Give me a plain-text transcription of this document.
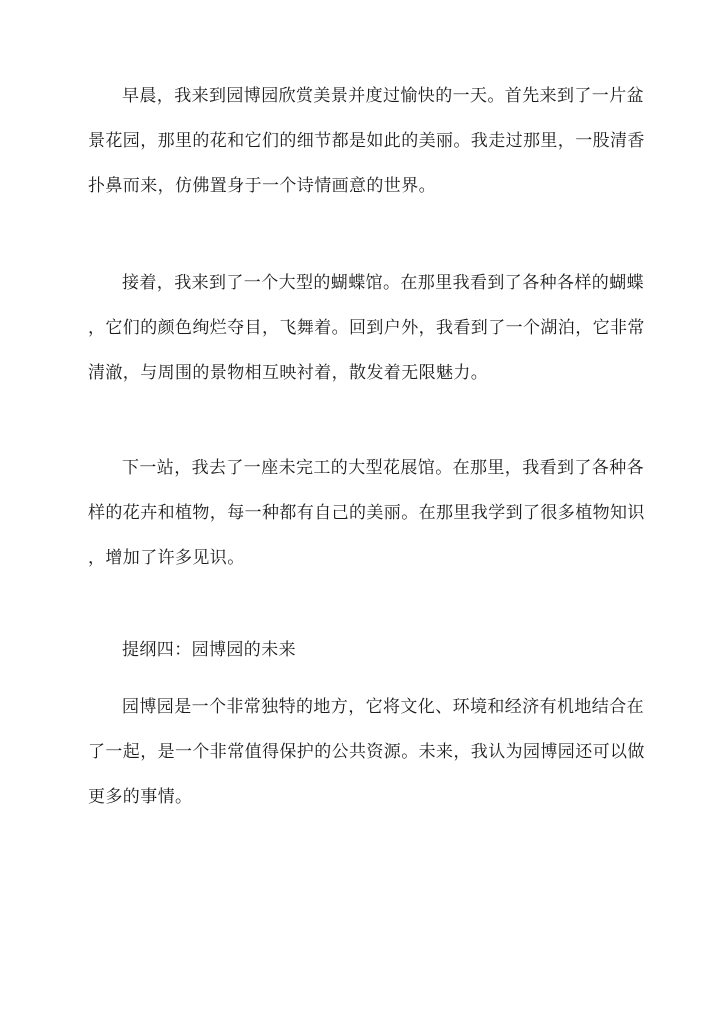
早晨，我来到园博园欣赏美景并度过愉快的一天。首先来到了一片盆
景花园，那里的花和它们的细节都是如此的美丽。我走过那里，一股清香
扑鼻而来，仿佛置身于一个诗情画意的世界。

接着，我来到了一个大型的蝴蝶馆。在那里我看到了各种各样的蝴蝶
，它们的颜色绚烂夺目，飞舞着。回到户外，我看到了一个湖泊，它非常
清澈，与周围的景物相互映衬着，散发着无限魅力。

下一站，我去了一座未完工的大型花展馆。在那里，我看到了各种各
样的花卉和植物，每一种都有自己的美丽。在那里我学到了很多植物知识
，增加了许多见识。

提纲四：园博园的未来

园博园是一个非常独特的地方，它将文化、环境和经济有机地结合在
了一起，是一个非常值得保护的公共资源。未来，我认为园博园还可以做
更多的事情。
